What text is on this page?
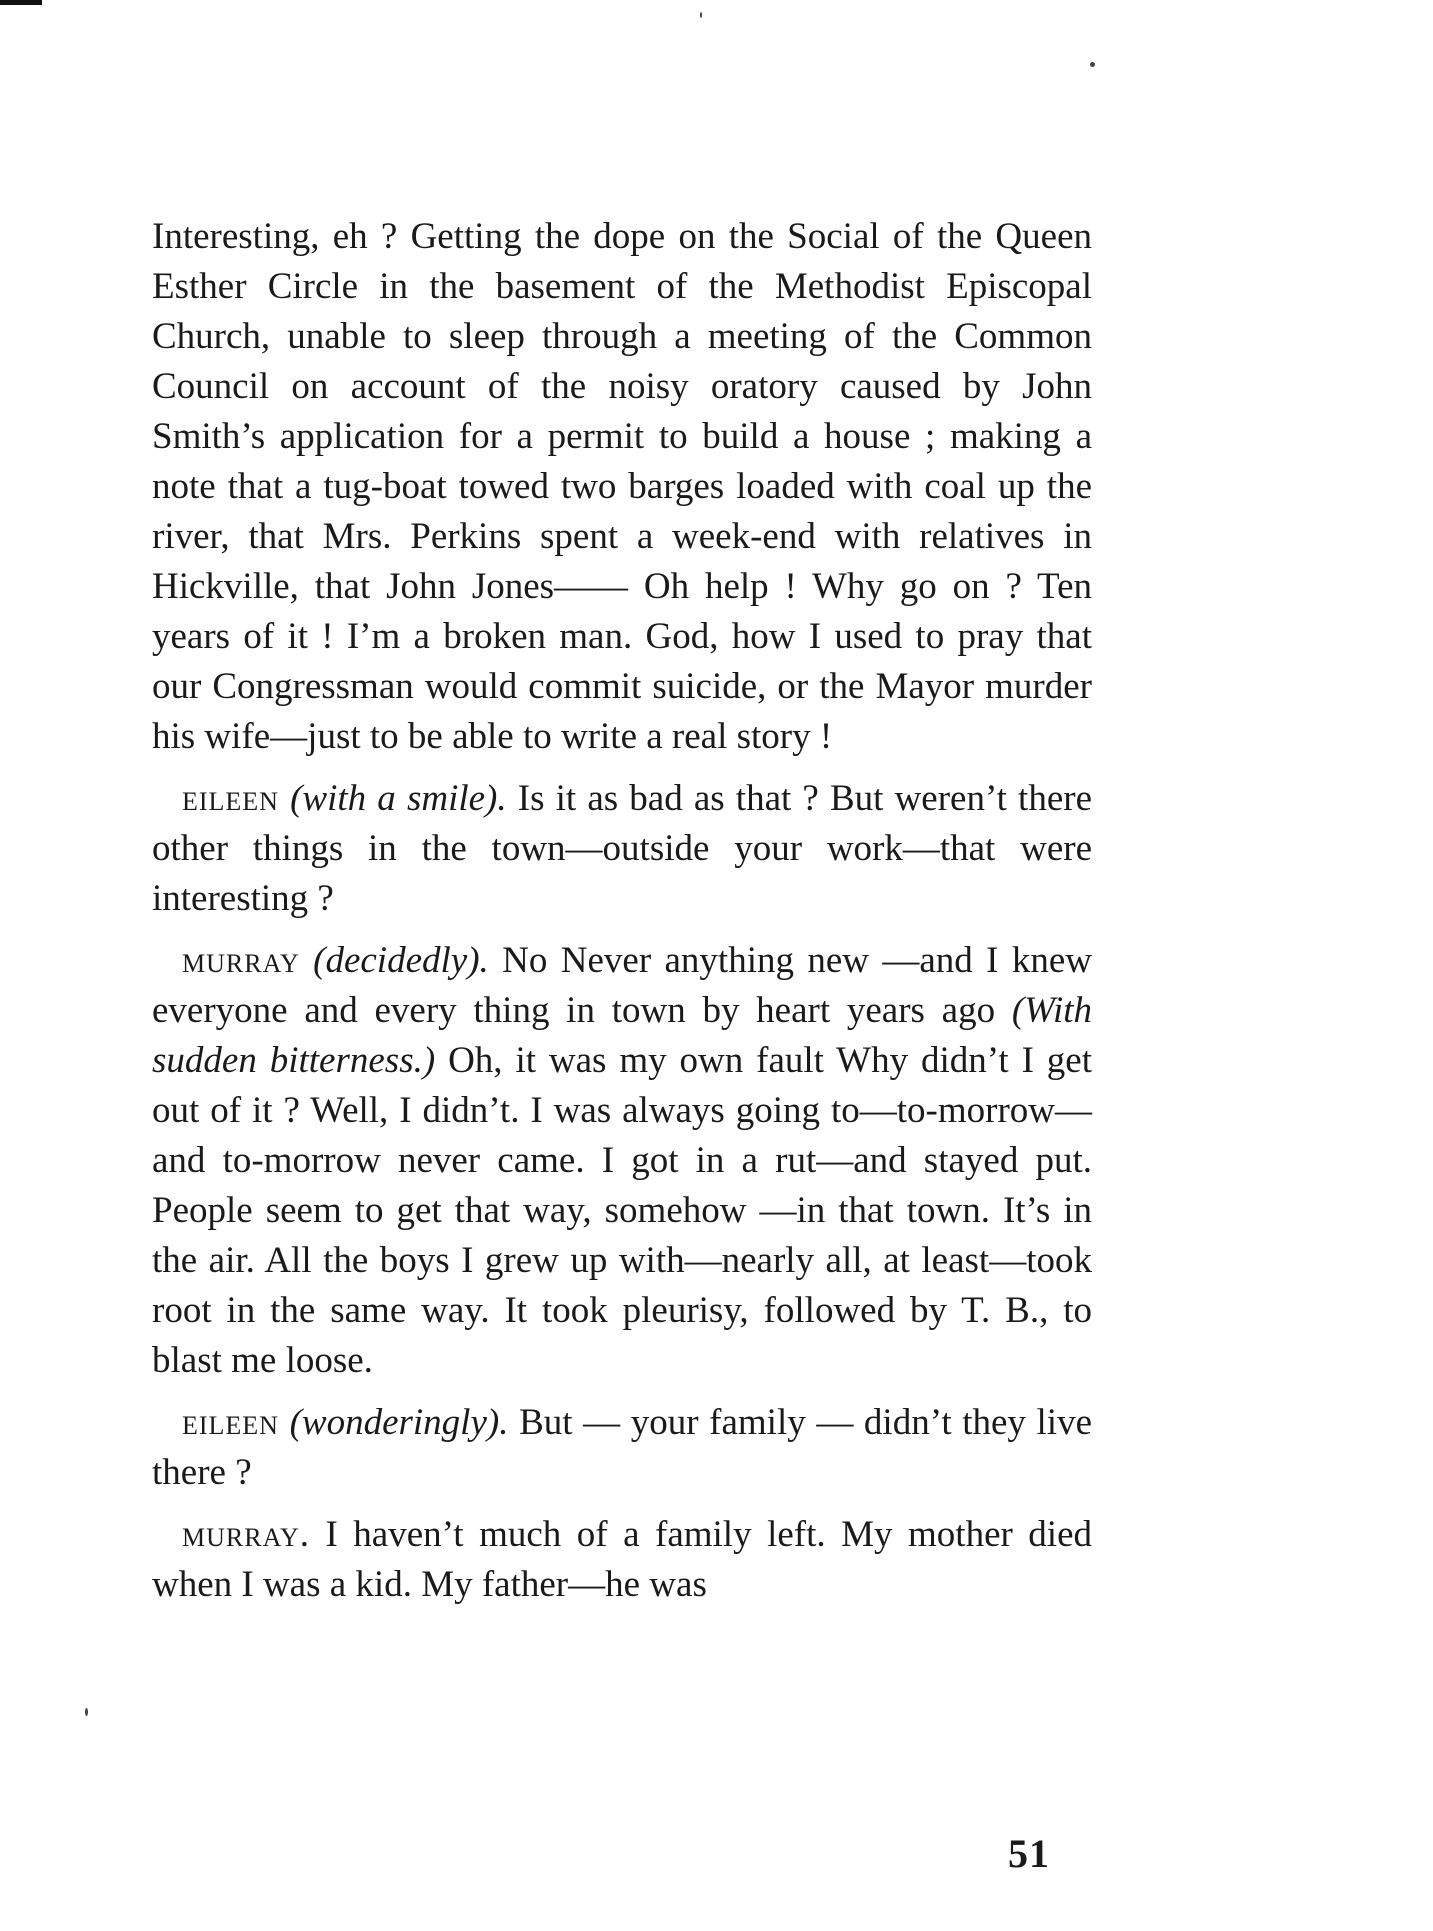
Interesting, eh ? Getting the dope on the Social of the Queen Esther Circle in the basement of the Methodist Episcopal Church, unable to sleep through a meeting of the Common Council on account of the noisy oratory caused by John Smith’s application for a permit to build a house ; making a note that a tug-boat towed two barges loaded with coal up the river, that Mrs. Perkins spent a week-end with relatives in Hickville, that John Jones—— Oh help ! Why go on ? Ten years of it ! I’m a broken man. God, how I used to pray that our Congressman would commit suicide, or the Mayor murder his wife—just to be able to write a real story !

eileen (with a smile). Is it as bad as that ? But weren’t there other things in the town—outside your work—that were interesting ?

murray (decidedly). No Never anything new —and I knew everyone and every thing in town by heart years ago (With sudden bitterness.) Oh, it was my own fault Why didn’t I get out of it ? Well, I didn’t. I was always going to—to-morrow—and to-morrow never came. I got in a rut—and stayed put. People seem to get that way, somehow —in that town. It’s in the air. All the boys I grew up with—nearly all, at least—took root in the same way. It took pleurisy, followed by T. B., to blast me loose.

eileen (wonderingly). But — your family — didn’t they live there ?

murray. I haven’t much of a family left. My mother died when I was a kid. My father—he was

51
